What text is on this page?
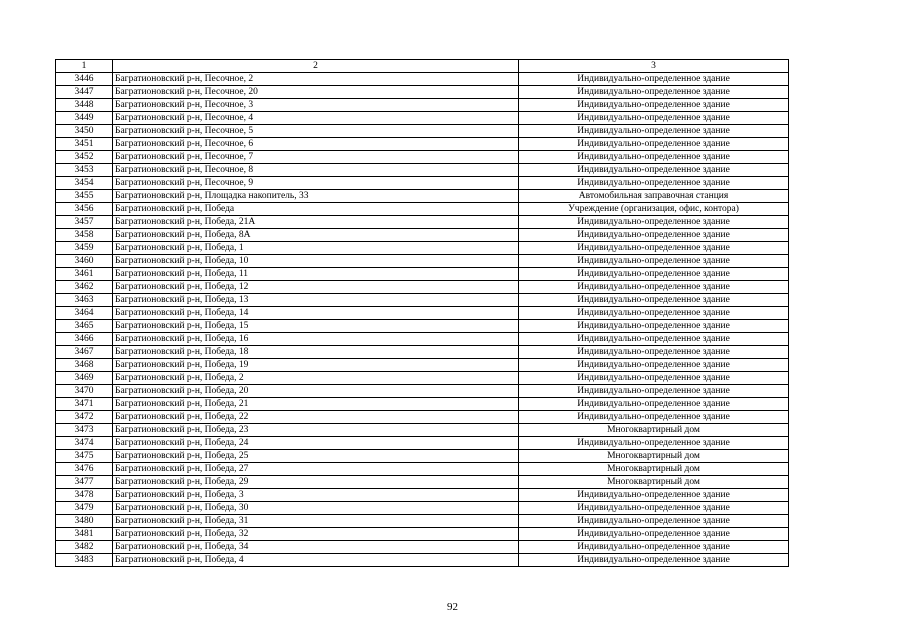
1	2	3
3446	Багратионовский р-н, Песочное, 2	Индивидуально-определенное здание
3447	Багратионовский р-н, Песочное, 20	Индивидуально-определенное здание
3448	Багратионовский р-н, Песочное, 3	Индивидуально-определенное здание
3449	Багратионовский р-н, Песочное, 4	Индивидуально-определенное здание
3450	Багратионовский р-н, Песочное, 5	Индивидуально-определенное здание
3451	Багратионовский р-н, Песочное, 6	Индивидуально-определенное здание
3452	Багратионовский р-н, Песочное, 7	Индивидуально-определенное здание
3453	Багратионовский р-н, Песочное, 8	Индивидуально-определенное здание
3454	Багратионовский р-н, Песочное, 9	Индивидуально-определенное здание
3455	Багратионовский р-н, Площадка накопитель, 33	Автомобильная заправочная станция
3456	Багратионовский р-н, Победа	Учреждение (организация, офис, контора)
3457	Багратионовский р-н, Победа, 21А	Индивидуально-определенное здание
3458	Багратионовский р-н, Победа, 8А	Индивидуально-определенное здание
3459	Багратионовский р-н, Победа, 1	Индивидуально-определенное здание
3460	Багратионовский р-н, Победа, 10	Индивидуально-определенное здание
3461	Багратионовский р-н, Победа, 11	Индивидуально-определенное здание
3462	Багратионовский р-н, Победа, 12	Индивидуально-определенное здание
3463	Багратионовский р-н, Победа, 13	Индивидуально-определенное здание
3464	Багратионовский р-н, Победа, 14	Индивидуально-определенное здание
3465	Багратионовский р-н, Победа, 15	Индивидуально-определенное здание
3466	Багратионовский р-н, Победа, 16	Индивидуально-определенное здание
3467	Багратионовский р-н, Победа, 18	Индивидуально-определенное здание
3468	Багратионовский р-н, Победа, 19	Индивидуально-определенное здание
3469	Багратионовский р-н, Победа, 2	Индивидуально-определенное здание
3470	Багратионовский р-н, Победа, 20	Индивидуально-определенное здание
3471	Багратионовский р-н, Победа, 21	Индивидуально-определенное здание
3472	Багратионовский р-н, Победа, 22	Индивидуально-определенное здание
3473	Багратионовский р-н, Победа, 23	Многоквартирный дом
3474	Багратионовский р-н, Победа, 24	Индивидуально-определенное здание
3475	Багратионовский р-н, Победа, 25	Многоквартирный дом
3476	Багратионовский р-н, Победа, 27	Многоквартирный дом
3477	Багратионовский р-н, Победа, 29	Многоквартирный дом
3478	Багратионовский р-н, Победа, 3	Индивидуально-определенное здание
3479	Багратионовский р-н, Победа, 30	Индивидуально-определенное здание
3480	Багратионовский р-н, Победа, 31	Индивидуально-определенное здание
3481	Багратионовский р-н, Победа, 32	Индивидуально-определенное здание
3482	Багратионовский р-н, Победа, 34	Индивидуально-определенное здание
3483	Багратионовский р-н, Победа, 4	Индивидуально-определенное здание
92
